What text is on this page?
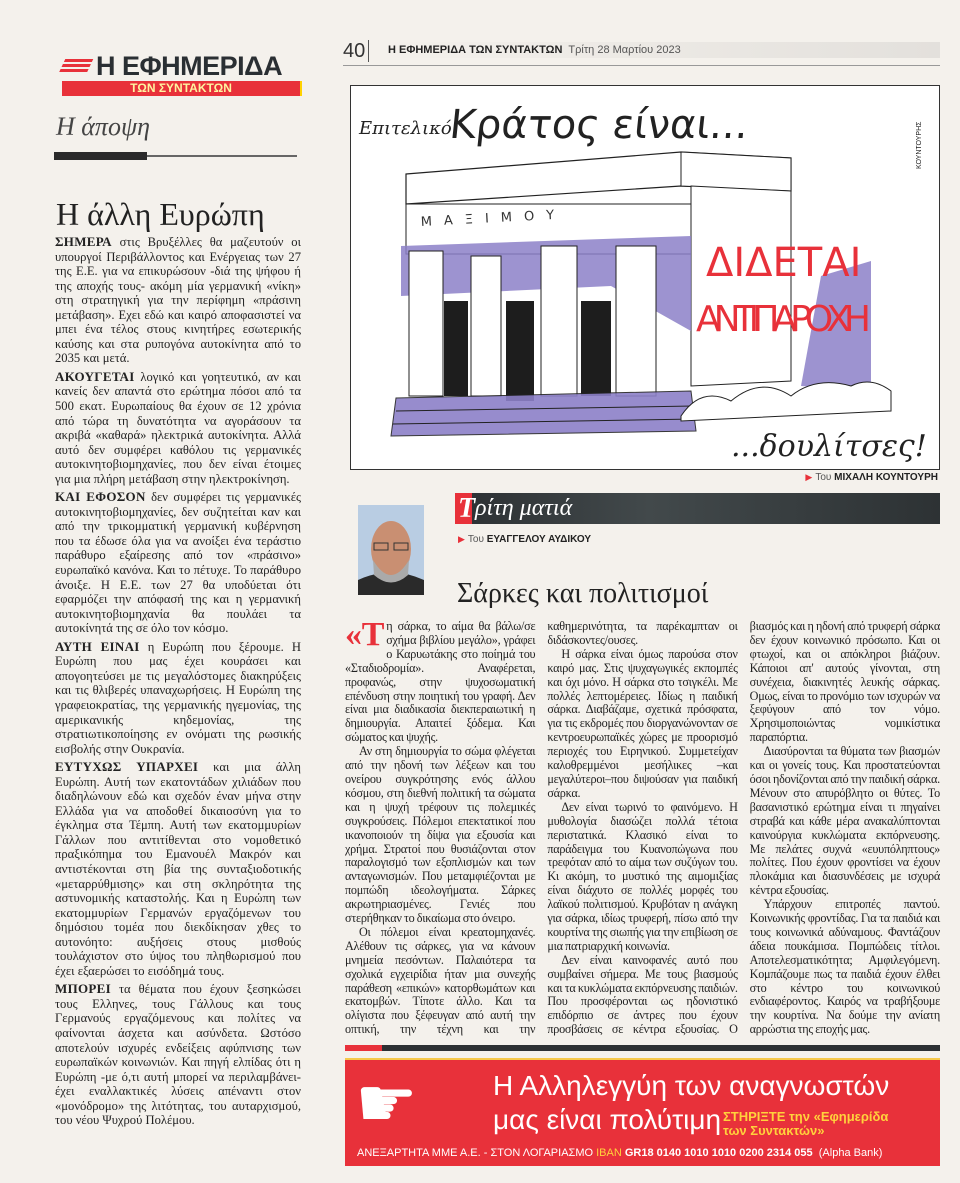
Η ΕΦΗΜΕΡΙΔΑ
ΤΩΝ ΣΥΝΤΑΚΤΩΝ
Η άποψη
Η άλλη Ευρώπη

ΣΗΜΕΡΑ στις Βρυξέλλες θα μαζευτούν οι υπουργοί Περιβάλλοντος και Ενέργειας των 27 της Ε.Ε. για να επικυρώσουν -διά της ψήφου ή της αποχής τους- ακόμη μία γερμανική «νίκη» στη στρατηγική για την περίφημη «πράσινη μετάβαση». Εχει εδώ και καιρό αποφασιστεί να μπει ένα τέλος στους κινητήρες εσωτερικής καύσης και στα ρυπογόνα αυτοκίνητα από το 2035 και μετά.

ΑΚΟΥΓΕΤΑΙ λογικό και γοητευτικό, αν και κανείς δεν απαντά στο ερώτημα πόσοι από τα 500 εκατ. Ευρωπαίους θα έχουν σε 12 χρόνια από τώρα τη δυνατότητα να αγοράσουν τα ακριβά «καθαρά» ηλεκτρικά αυτοκίνητα. Αλλά αυτό δεν συμφέρει καθόλου τις γερμανικές αυτοκινητοβιομηχανίες, που δεν είναι έτοιμες για μια πλήρη μετάβαση στην ηλεκτροκίνηση.

ΚΑΙ ΕΦΟΣΟΝ δεν συμφέρει τις γερμανικές αυτοκινητοβιομηχανίες, δεν συζητείται καν και από την τρικομματική γερμανική κυβέρνηση που τα έδωσε όλα για να ανοίξει ένα τεράστιο παράθυρο εξαίρεσης από τον «πράσινο» ευρωπαϊκό κανόνα. Και το πέτυχε. Το παράθυρο άνοιξε. Η Ε.Ε. των 27 θα υποδύεται ότι εφαρμόζει την απόφασή της και η γερμανική αυτοκινητοβιομηχανία θα πουλάει τα αυτοκίνητά της σε όλο τον κόσμο.

ΑΥΤΗ ΕΙΝΑΙ η Ευρώπη που ξέρουμε. Η Ευρώπη που μας έχει κουράσει και απογοητεύσει με τις μεγαλόστομες διακηρύξεις και τις θλιβερές υπαναχωρήσεις. Η Ευρώπη της γραφειοκρατίας, της γερμανικής ηγεμονίας, της αμερικανικής κηδεμονίας, της στρατιωτικοποίησης εν ονόματι της ρωσικής εισβολής στην Ουκρανία.

ΕΥΤΥΧΩΣ ΥΠΑΡΧΕΙ και μια άλλη Ευρώπη. Αυτή των εκατοντάδων χιλιάδων που διαδηλώνουν εδώ και σχεδόν έναν μήνα στην Ελλάδα για να αποδοθεί δικαιοσύνη για το έγκλημα στα Τέμπη. Αυτή των εκατομμυρίων Γάλλων που αντιτίθενται στο νομοθετικό πραξικόπημα του Εμανουέλ Μακρόν και αντιστέκονται στη βία της συνταξιοδοτικής «μεταρρύθμισης» και στη σκληρότητα της αστυνομικής καταστολής. Και η Ευρώπη των εκατομμυρίων Γερμανών εργαζόμενων του δημόσιου τομέα που διεκδίκησαν χθες το αυτονόητο: αυξήσεις στους μισθούς τουλάχιστον στο ύψος του πληθωρισμού που έχει εξαερώσει το εισόδημά τους.

ΜΠΟΡΕΙ τα θέματα που έχουν ξεσηκώσει τους Ελληνες, τους Γάλλους και τους Γερμανούς εργαζόμενους και πολίτες να φαίνονται άσχετα και ασύνδετα. Ωστόσο αποτελούν ισχυρές ενδείξεις αφύπνισης των ευρωπαϊκών κοινωνιών. Και πηγή ελπίδας ότι η Ευρώπη -με ό,τι αυτή μπορεί να περιλαμβάνει- έχει εναλλακτικές λύσεις απέναντι στον «μονόδρομο» της λιτότητας, του αυταρχισμού, του νέου Ψυχρού Πολέμου.

40	Η ΕΦΗΜΕΡΙΔΑ ΤΩΝ ΣΥΝΤΑΚΤΩΝ Τρίτη 28 Μαρτίου 2023
Επιτελικό
Κράτος είναι...	ΚΟΥΝΤΟΥΡΗΣ
ΜΑΞΙΜΟΥ
ΔΙΔΕΤΑΙ
ΑΝΤΙΠΑΡΟΧΗ
...δουλίτσες!
▶ Του ΜΙΧΑΛΗ ΚΟΥΝΤΟΥΡΗ
Τ ρίτη ματιά
▶ Του ΕΥΑΓΓΕΛΟΥ ΑΥΔΙΚΟΥ
Σάρκες και πολιτισμοί

«Τη σάρκα, το αίμα θα βάλω/σε σχήμα βιβλίου μεγάλο», γράφει ο Καρυωτάκης στο ποίημά του «Σταδιοδρομία». Αναφέρεται, προφανώς, στην ψυχοσωματική επένδυση στην ποιητική του γραφή. Δεν είναι μια διαδικασία διεκπεραιωτική η δημιουργία. Απαιτεί ξόδεμα. Και σώματος και ψυχής.

Αν στη δημιουργία το σώμα φλέγεται από την ηδονή των λέξεων και του ονείρου συγκρότησης ενός άλλου κόσμου, στη διεθνή πολιτική τα σώματα και η ψυχή τρέφουν τις πολεμικές συγκρούσεις. Πόλεμοι επεκτατικοί που ικανοποιούν τη δίψα για εξουσία και χρήμα. Στρατοί που θυσιάζονται στον παραλογισμό των εξοπλισμών και των ανταγωνισμών. Που μεταμφιέζονται με πομπώδη ιδεολογήματα. Σάρκες ακρωτηριασμένες. Γενιές που στερήθηκαν το δικαίωμα στο όνειρο.

Οι πόλεμοι είναι κρεατομηχανές. Αλέθουν τις σάρκες, για να κάνουν μνημεία πεσόντων. Παλαιότερα τα σχολικά εγχειρίδια ήταν μια συνεχής παράθεση «επικών» κατορθωμάτων και εκατομβών. Τίποτε άλλο. Και τα ολίγιστα που ξέφευγαν από αυτή την οπτική, την τέχνη και την καθημερινότητα, τα παρέκαμπταν οι διδάσκοντες/ουσες.

Η σάρκα είναι όμως παρούσα στον καιρό μας. Στις ψυχαγωγικές εκπομπές και όχι μόνο. Η σάρκα στο τσιγκέλι. Με πολλές λεπτομέρειες. Ιδίως η παιδική σάρκα. Διαβάζαμε, σχετικά πρόσφατα, για τις εκδρομές που διοργανώνονταν σε κεντροευρωπαϊκές χώρες με προορισμό περιοχές του Ειρηνικού. Συμμετείχαν καλοθρεμμένοι μεσήλικες –και μεγαλύτεροι–που διψούσαν για παιδική σάρκα.

Δεν είναι τωρινό το φαινόμενο. Η μυθολογία διασώζει πολλά τέτοια περιστατικά. Κλασικό είναι το παράδειγμα του Κυανοπώγωνα που τρεφόταν από το αίμα των συζύγων του. Κι ακόμη, το μυστικό της αιμομιξίας είναι διάχυτο σε πολλές μορφές του λαϊκού πολιτισμού. Κρυβόταν η ανάγκη για σάρκα, ιδίως τρυφερή, πίσω από την κουρτίνα της σιωπής για την επιβίωση σε μια πατριαρχική κοινωνία.

Δεν είναι καινοφανές αυτό που συμβαίνει σήμερα. Με τους βιασμούς και τα κυκλώματα εκπόρνευσης παιδιών. Που προσφέρονται ως ηδονιστικό επιδόρπιο σε άντρες που έχουν προσβάσεις σε κέντρα εξουσίας. Ο βιασμός και η ηδονή από τρυφερή σάρκα δεν έχουν κοινωνικό πρόσωπο. Και οι φτωχοί, και οι απόκληροι βιάζουν. Κάποιοι απ' αυτούς γίνονται, στη συνέχεια, διακινητές λευκής σάρκας. Ομως, είναι το προνόμιο των ισχυρών να ξεφύγουν από τον νόμο. Χρησιμοποιώντας νομικίστικα παραπόρτια.

Διασύρονται τα θύματα των βιασμών και οι γονείς τους. Και προστατεύονται όσοι ηδονίζονται από την παιδική σάρκα. Μένουν στο απυρόβλητο οι θύτες. Το βασανιστικό ερώτημα είναι τι πηγαίνει στραβά και κάθε μέρα ανακαλύπτονται καινούργια κυκλώματα εκπόρνευσης. Με πελάτες συχνά «ευυπόληπτους» πολίτες. Που έχουν φροντίσει να έχουν πλοκάμια και διασυνδέσεις με ισχυρά κέντρα εξουσίας.

Υπάρχουν επιτροπές παντού. Κοινωνικής φροντίδας. Για τα παιδιά και τους κοινωνικά αδύναμους. Φαντάζουν άδεια πουκάμισα. Πομπώδεις τίτλοι. Αποτελεσματικότητα; Αμφιλεγόμενη. Κομπάζουμε πως τα παιδιά έχουν έλθει στο κέντρο του κοινωνικού ενδιαφέροντος. Καιρός να τραβήξουμε την κουρτίνα. Να δούμε την ανίατη αρρώστια της εποχής μας.

☛	Η Αλληλεγγύη των αναγνωστών
μας είναι πολύτιμη ΣΤΗΡΙΞΤΕ την «Εφημερίδα των Συντακτών»
ΑΝΕΞΑΡΤΗΤΑ ΜΜΕ Α.Ε. - ΣΤΟΝ ΛΟΓΑΡΙΑΣΜΟ IBAN GR18 0140 1010 1010 0200 2314 055 (Alpha Bank)
